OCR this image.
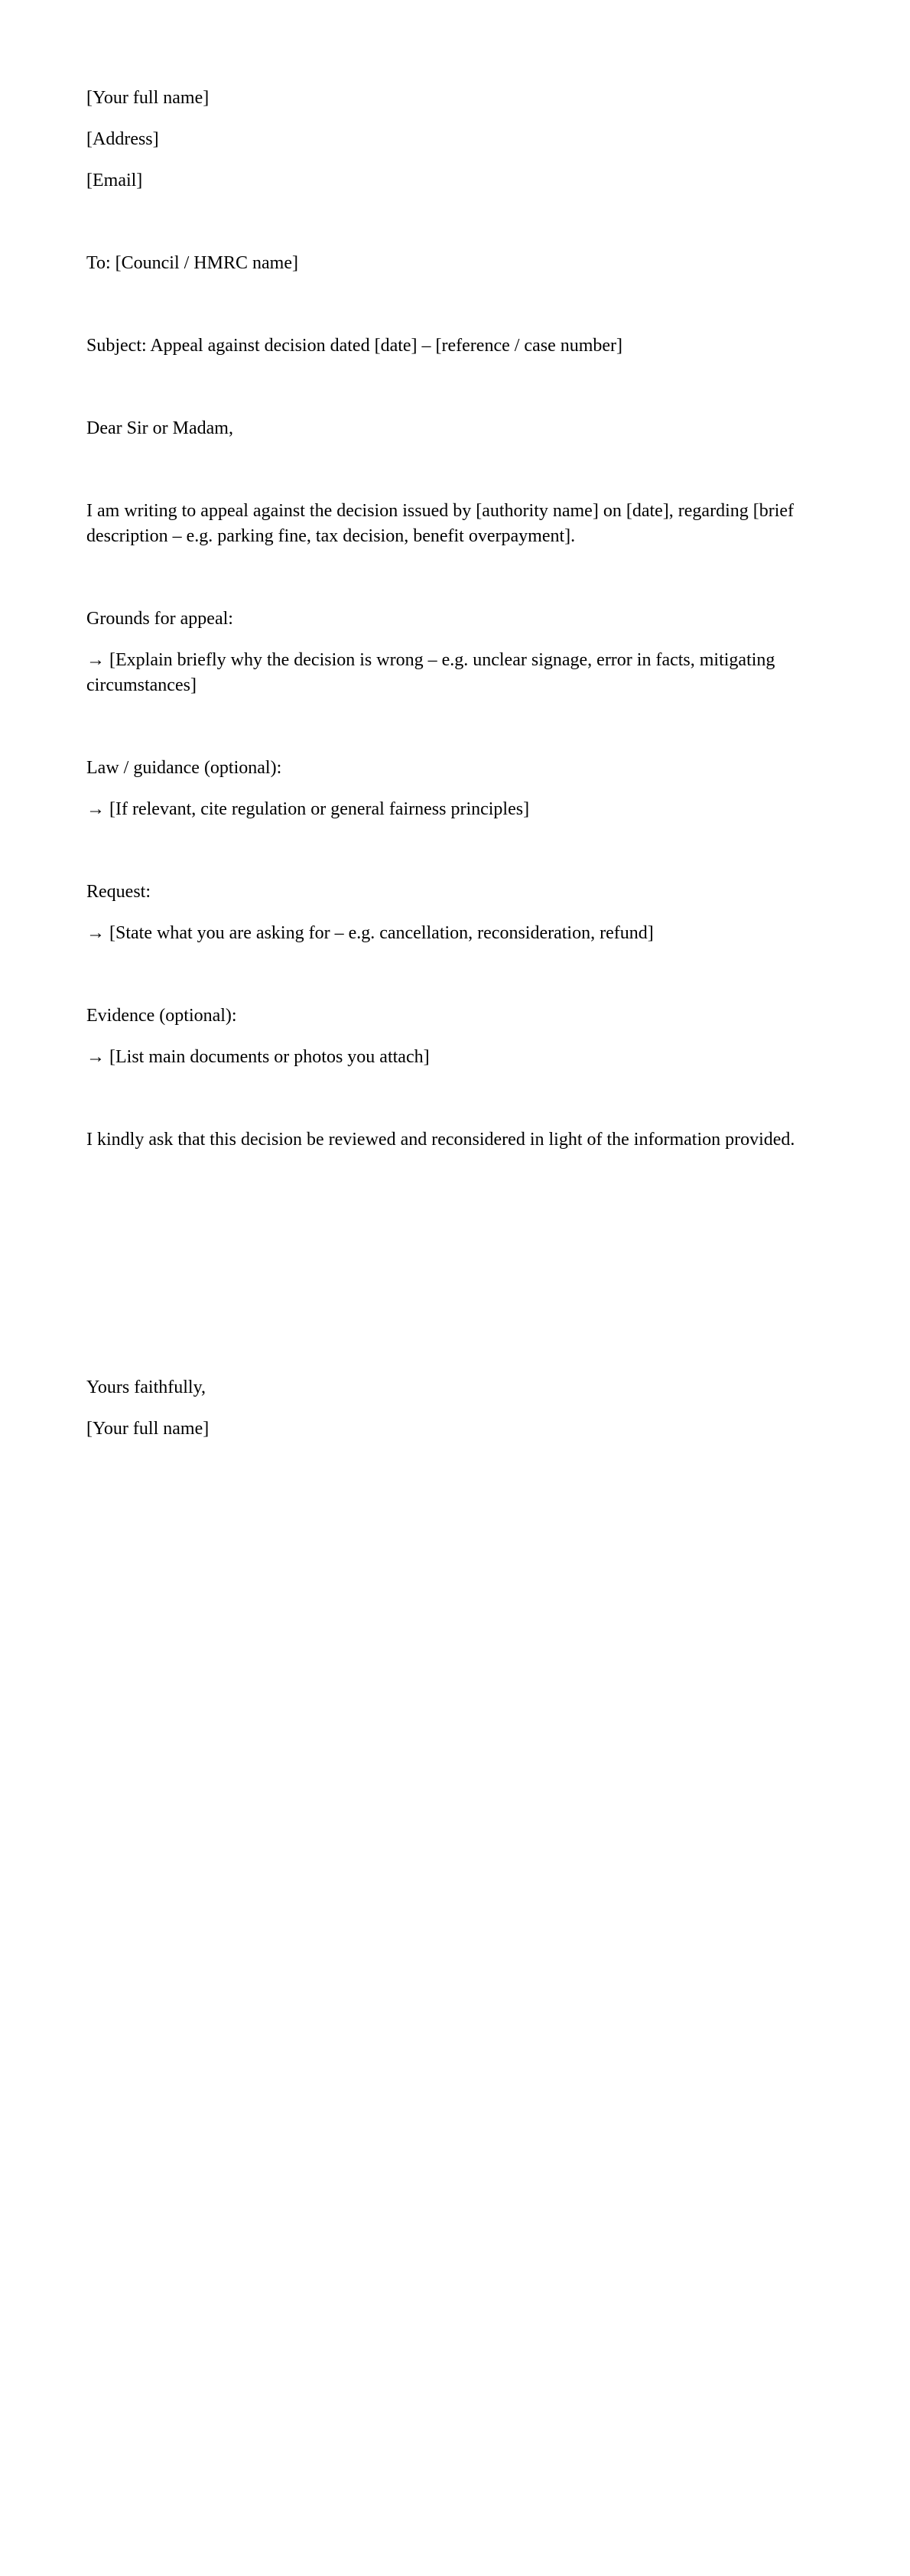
[Your full name]

[Address]

[Email]

To: [Council / HMRC name]

Subject: Appeal against decision dated [date] – [reference / case number]

Dear Sir or Madam,

I am writing to appeal against the decision issued by [authority name] on [date], regarding [brief description – e.g. parking fine, tax decision, benefit overpayment].

Grounds for appeal:

→ [Explain briefly why the decision is wrong – e.g. unclear signage, error in facts, mitigating circumstances]

Law / guidance (optional):

→ [If relevant, cite regulation or general fairness principles]

Request:

→ [State what you are asking for – e.g. cancellation, reconsideration, refund]

Evidence (optional):

→ [List main documents or photos you attach]

I kindly ask that this decision be reviewed and reconsidered in light of the information provided.

Yours faithfully,

[Your full name]
